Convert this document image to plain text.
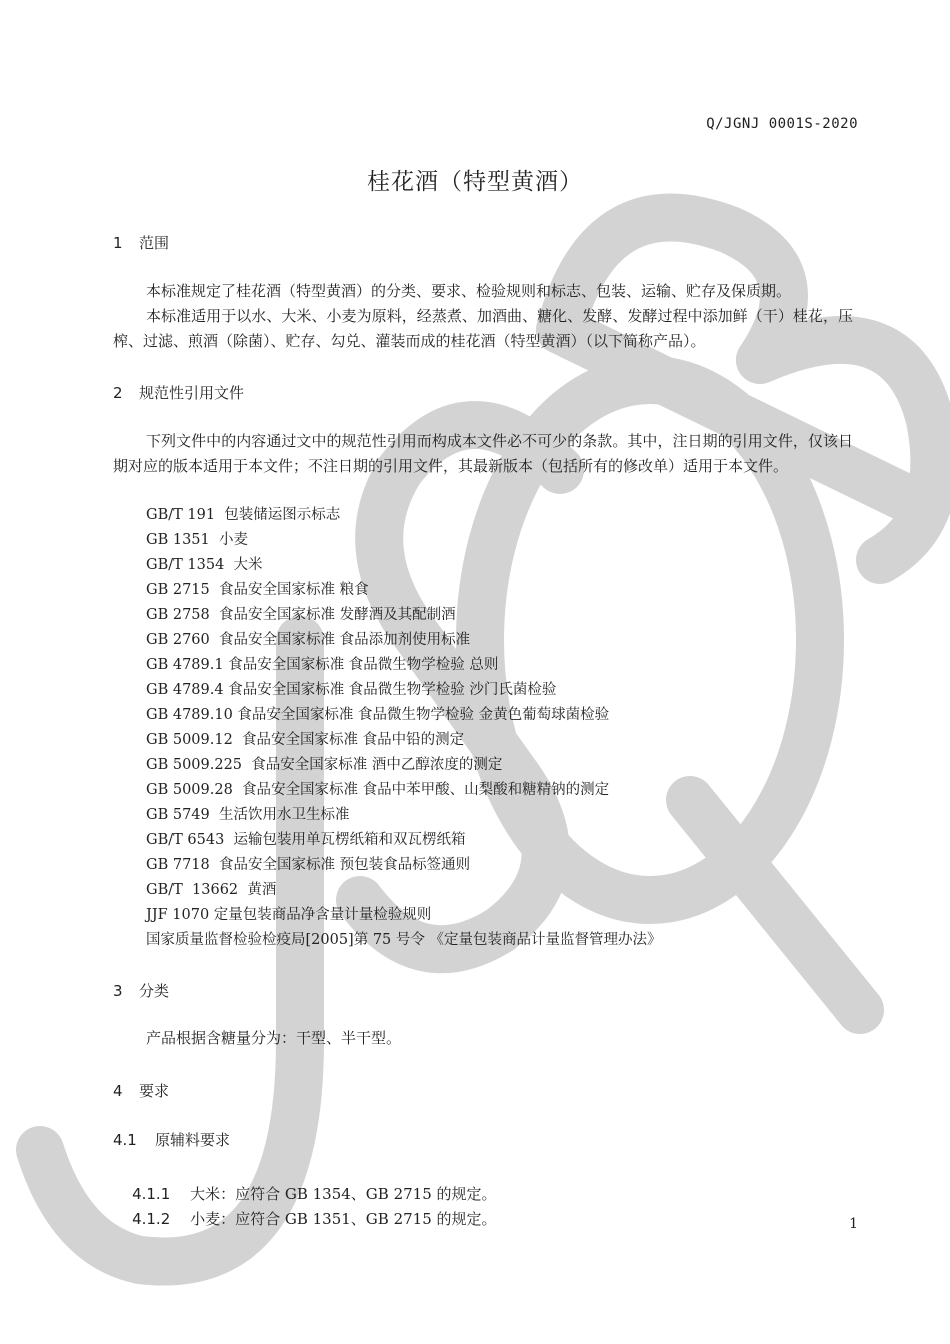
Q/JGNJ 0001S-2020
桂花酒（特型黄酒）
1 范围
本标准规定了桂花酒（特型黄酒）的分类、要求、检验规则和标志、包装、运输、贮存及保质期。
本标准适用于以水、大米、小麦为原料，经蒸煮、加酒曲、糖化、发酵、发酵过程中添加鲜（干）桂花，压榨、过滤、煎酒（除菌）、贮存、勾兑、灌装而成的桂花酒（特型黄酒）（以下简称产品）。
2 规范性引用文件
下列文件中的内容通过文中的规范性引用而构成本文件必不可少的条款。其中，注日期的引用文件，仅该日期对应的版本适用于本文件；不注日期的引用文件，其最新版本（包括所有的修改单）适用于本文件。
GB/T 191  包装储运图示标志
GB 1351  小麦
GB/T 1354  大米
GB 2715  食品安全国家标准 粮食
GB 2758  食品安全国家标准 发酵酒及其配制酒
GB 2760  食品安全国家标准 食品添加剂使用标准
GB 4789.1 食品安全国家标准 食品微生物学检验 总则
GB 4789.4 食品安全国家标准 食品微生物学检验 沙门氏菌检验
GB 4789.10 食品安全国家标准 食品微生物学检验 金黄色葡萄球菌检验
GB 5009.12  食品安全国家标准 食品中铅的测定
GB 5009.225  食品安全国家标准 酒中乙醇浓度的测定
GB 5009.28  食品安全国家标准 食品中苯甲酸、山梨酸和糖精钠的测定
GB 5749  生活饮用水卫生标准
GB/T 6543  运输包装用单瓦楞纸箱和双瓦楞纸箱
GB 7718  食品安全国家标准 预包装食品标签通则
GB/T  13662  黄酒
JJF 1070 定量包装商品净含量计量检验规则
国家质量监督检验检疫局[2005]第 75 号令 《定量包装商品计量监督管理办法》
3 分类
产品根据含糖量分为：干型、半干型。
4 要求
4.1 原辅料要求

4.1.1 大米：应符合 GB 1354、GB 2715 的规定。

4.1.2 小麦：应符合 GB 1351、GB 2715 的规定。
	1
